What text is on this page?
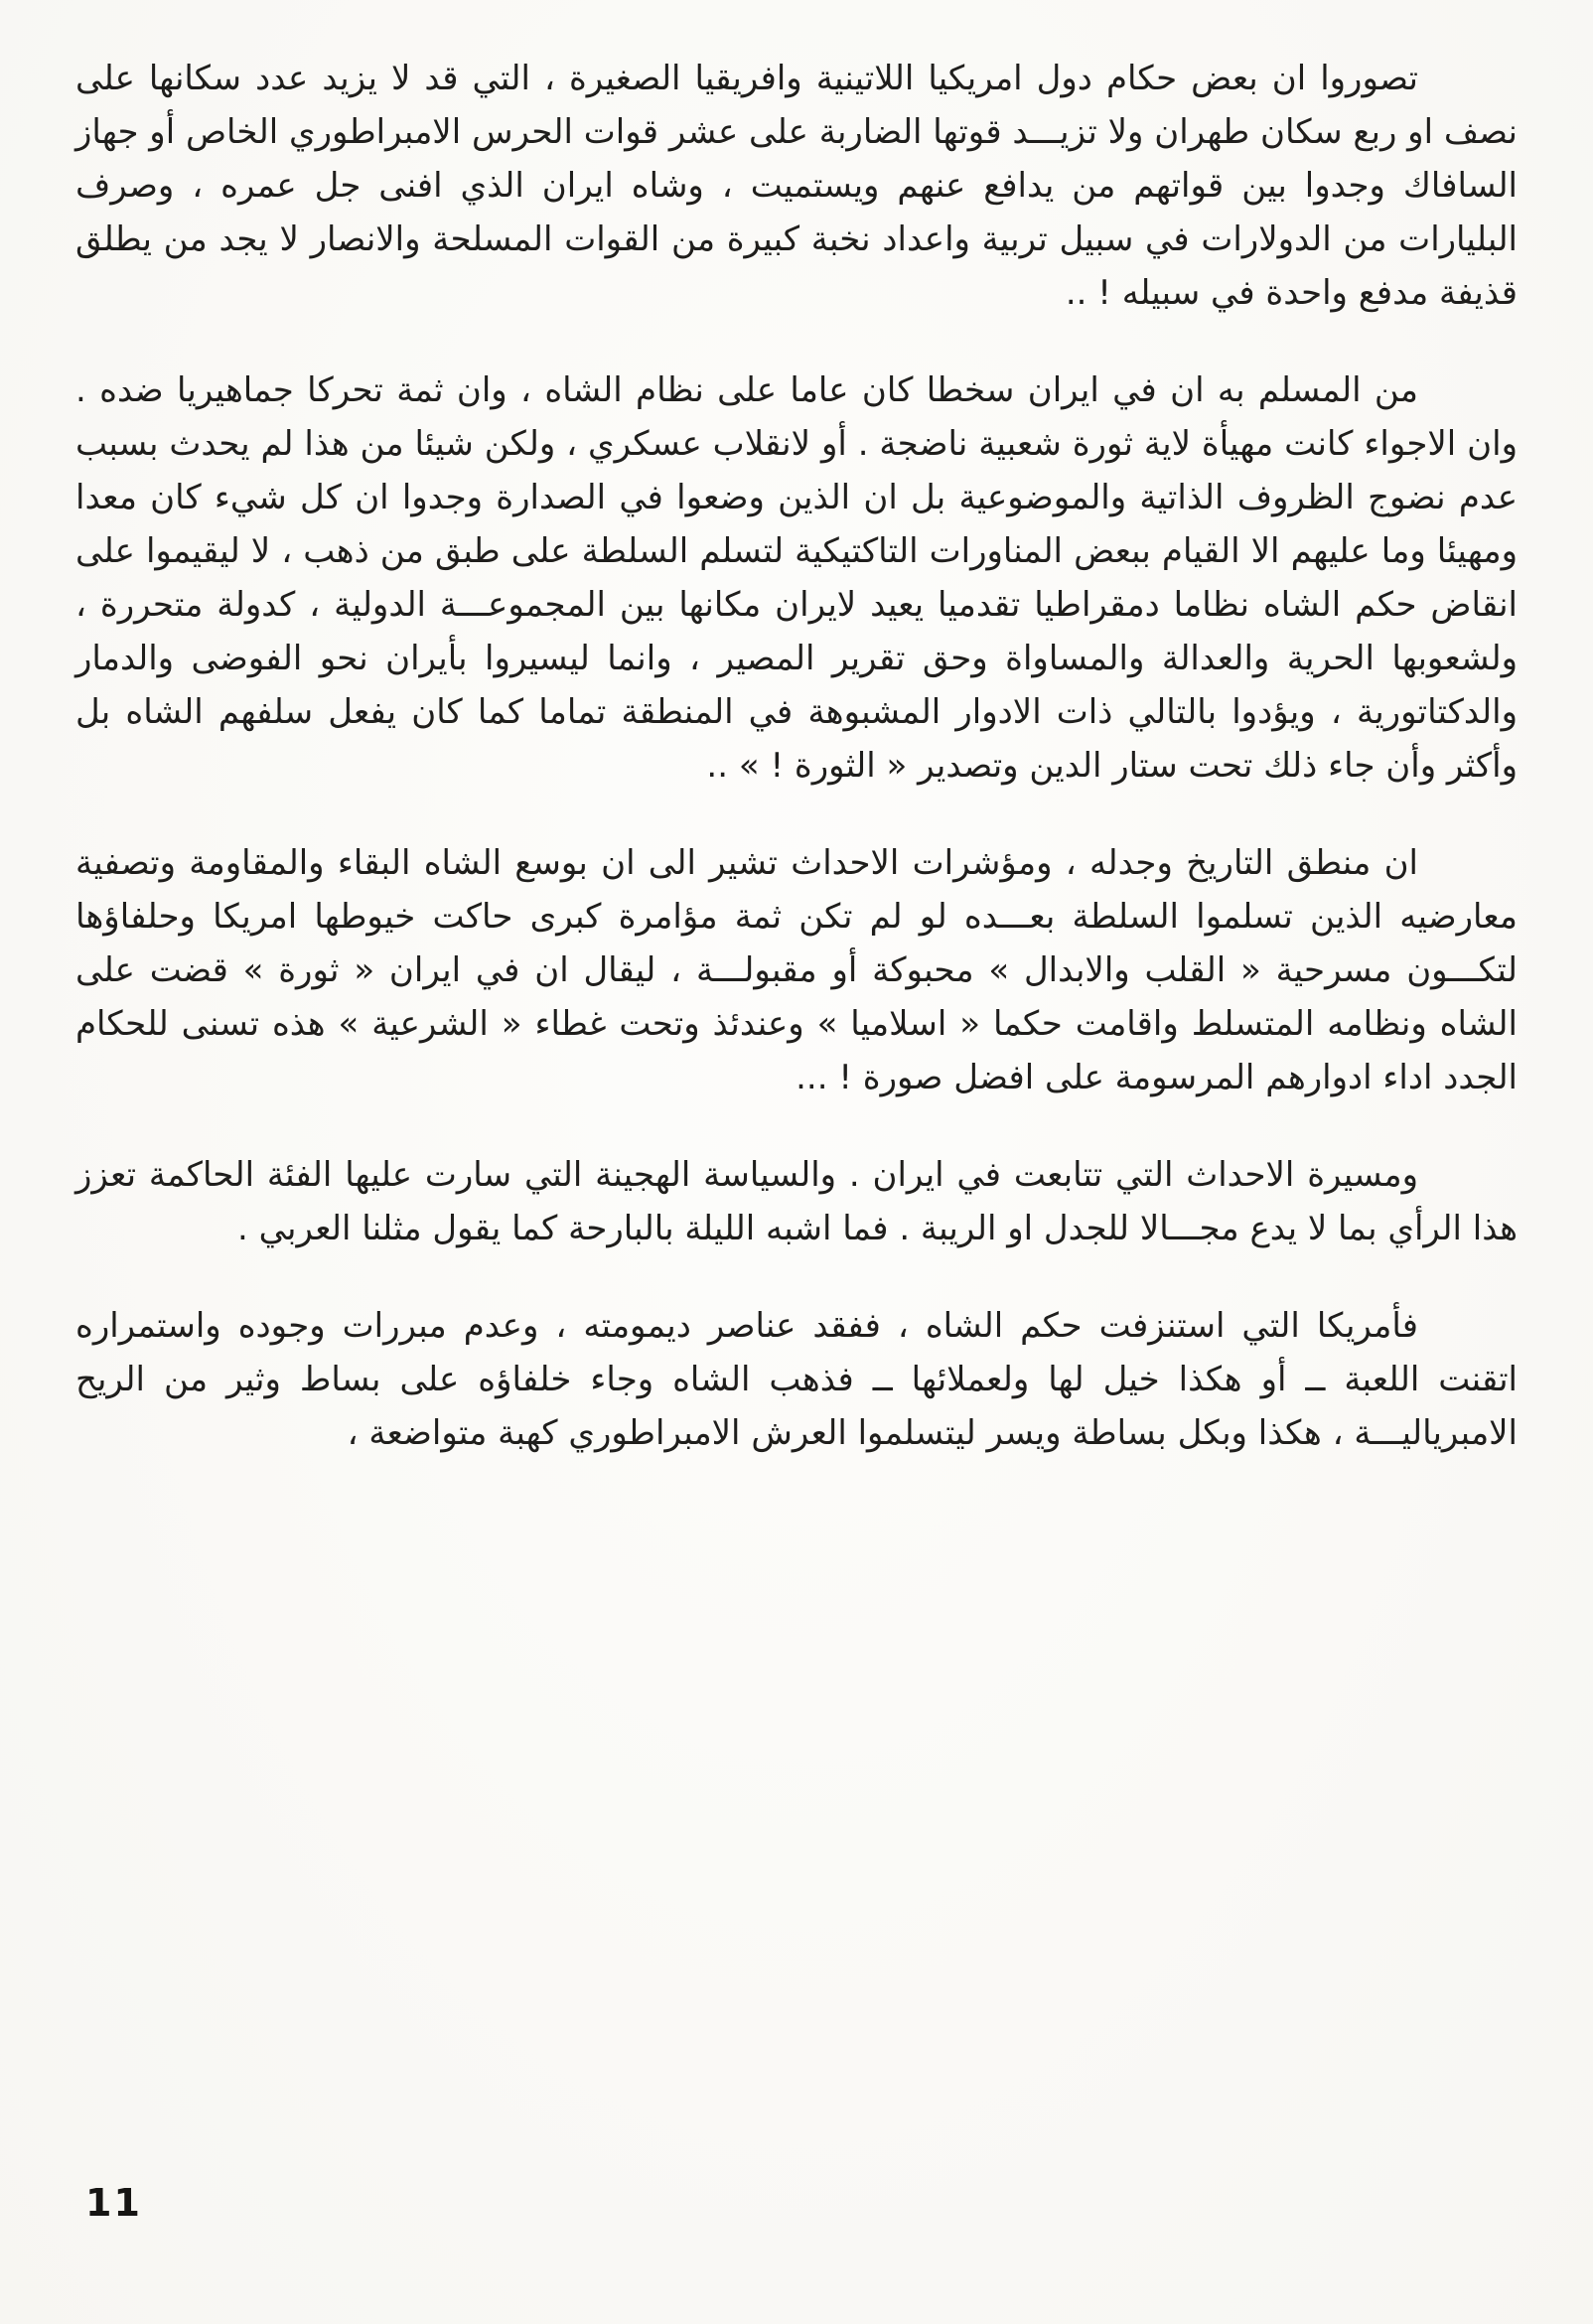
تصوروا ان بعض حكام دول امريكيا اللاتينية وافريقيا الصغيرة ، التي قد لا يزيد عدد سكانها على نصف او ربع سكان طهران ولا تزيـــد قوتها الضاربة على عشر قوات الحرس الامبراطوري الخاص أو جهاز السافاك وجدوا بين قواتهم من يدافع عنهم ويستميت ، وشاه ايران الذي افنى جل عمره ، وصرف البليارات من الدولارات في سبيل تربية واعداد نخبة كبيرة من القوات المسلحة والانصار لا يجد من يطلق قذيفة مدفع واحدة في سبيله ! ..

من المسلم به ان في ايران سخطا كان عاما على نظام الشاه ، وان ثمة تحركا جماهيريا ضده . وان الاجواء كانت مهيأة لاية ثورة شعبية ناضجة . أو لانقلاب عسكري ، ولكن شيئا من هذا لم يحدث بسبب عدم نضوج الظروف الذاتية والموضوعية بل ان الذين وضعوا في الصدارة وجدوا ان كل شيء كان معدا ومهيئا وما عليهم الا القيام ببعض المناورات التاكتيكية لتسلم السلطة على طبق من ذهب ، لا ليقيموا على انقاض حكم الشاه نظاما دمقراطيا تقدميا يعيد لايران مكانها بين المجموعـــة الدولية ، كدولة متحررة ، ولشعوبها الحرية والعدالة والمساواة وحق تقرير المصير ، وانما ليسيروا بأيران نحو الفوضى والدمار والدكتاتورية ، ويؤدوا بالتالي ذات الادوار المشبوهة في المنطقة تماما كما كان يفعل سلفهم الشاه بل وأكثر وأن جاء ذلك تحت ستار الدين وتصدير « الثورة ! » ..

ان منطق التاريخ وجدله ، ومؤشرات الاحداث تشير الى ان بوسع الشاه البقاء والمقاومة وتصفية معارضيه الذين تسلموا السلطة بعـــده لو لم تكن ثمة مؤامرة كبرى حاكت خيوطها امريكا وحلفاؤها لتكـــون مسرحية « القلب والابدال » محبوكة أو مقبولـــة ، ليقال ان في ايران « ثورة » قضت على الشاه ونظامه المتسلط واقامت حكما « اسلاميا » وعندئذ وتحت غطاء « الشرعية » هذه تسنى للحكام الجدد اداء ادوارهم المرسومة على افضل صورة ! ...

ومسيرة الاحداث التي تتابعت في ايران . والسياسة الهجينة التي سارت عليها الفئة الحاكمة تعزز هذا الرأي بما لا يدع مجـــالا للجدل او الريبة . فما اشبه الليلة بالبارحة كما يقول مثلنا العربي .

فأمريكا التي استنزفت حكم الشاه ، ففقد عناصر ديمومته ، وعدم مبررات وجوده واستمراره اتقنت اللعبة ــ أو هكذا خيل لها ولعملائها ــ فذهب الشاه وجاء خلفاؤه على بساط وثير من الريح الامبرياليـــة ، هكذا وبكل بساطة ويسر ليتسلموا العرش الامبراطوري كهبة متواضعة ،

11
